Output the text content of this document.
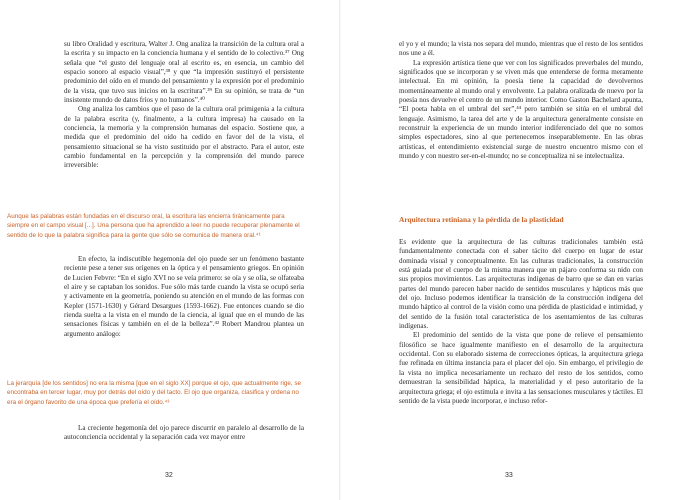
su libro Oralidad y escritura, Walter J. Ong analiza la transición de la cultura oral a la escrita y su impacto en la conciencia humana y el sentido de lo colectivo.³⁷ Ong señala que “el gusto del lenguaje oral al escrito es, en esencia, un cambio del espacio sonoro al espacio visual”,³⁸ y que “la impresión sustituyó el persistente predominio del oído en el mundo del pensamiento y la expresión por el predominio de la vista, que tuvo sus inicios en la escritura”.³⁹ En su opinión, se trata de “un insistente mundo de datos fríos y no humanos”.⁴⁰

Ong analiza los cambios que el paso de la cultura oral primigenia a la cultura de la palabra escrita (y, finalmente, a la cultura impresa) ha causado en la conciencia, la memoria y la comprensión humanas del espacio. Sostiene que, a medida que el predominio del oído ha cedido en favor del de la vista, el pensamiento situacional se ha visto sustituido por el abstracto. Para el autor, este cambio fundamental en la percepción y la comprensión del mundo parece irreversible:

Aunque las palabras están fundadas en el discurso oral, la escritura las encierra tiránicamente para siempre en el campo visual [...]. Una persona que ha aprendido a leer no puede recuperar plenamente el sentido de lo que la palabra significa para la gente que sólo se comunica de manera oral.⁴¹

En efecto, la indiscutible hegemonía del ojo puede ser un fenómeno bastante reciente pese a tener sus orígenes en la óptica y el pensamiento griegos. En opinión de Lucien Febvre: “En el siglo XVI no se veía primero: se oía y se olía, se olfateaba el aire y se captaban los sonidos. Fue sólo más tarde cuando la vista se ocupó seria y activamente en la geometría, poniendo su atención en el mundo de las formas con Kepler (1571-1630) y Gérard Desargues (1593-1662). Fue entonces cuando se dio rienda suelta a la vista en el mundo de la ciencia, al igual que en el mundo de las sensaciones físicas y también en el de la belleza”.⁴² Robert Mandrou plantea un argumento análogo:

La jerarquía [de los sentidos] no era la misma [que en el siglo XX] porque el ojo, que actualmente rige, se encontraba en tercer lugar, muy por detrás del oído y del tacto. El ojo que organiza, clasifica y ordena no era el órgano favorito de una época que prefería el oído.⁴³

La creciente hegemonía del ojo parece discurrir en paralelo al desarrollo de la autoconciencia occidental y la separación cada vez mayor entre

32

el yo y el mundo; la vista nos separa del mundo, mientras que el resto de los sentidos nos une a él.

La expresión artística tiene que ver con los significados preverbales del mundo, significados que se incorporan y se viven más que entenderse de forma meramente intelectual. En mi opinión, la poesía tiene la capacidad de devolvernos momentáneamente al mundo oral y envolvente. La palabra oralizada de nuevo por la poesía nos devuelve el centro de un mundo interior. Como Gaston Bachelard apunta, “El poeta habla en el umbral del ser”,⁴⁴ pero también se sitúa en el umbral del lenguaje. Asimismo, la tarea del arte y de la arquitectura generalmente consiste en reconstruir la experiencia de un mundo interior indiferenciado del que no somos simples espectadores, sino al que pertenecemos inseparablemente. En las obras artísticas, el entendimiento existencial surge de nuestro encuentro mismo con el mundo y con nuestro ser-en-el-mundo; no se conceptualiza ni se intelectualiza.

Arquitectura retiniana y la pérdida de la plasticidad

Es evidente que la arquitectura de las culturas tradicionales también está fundamentalmente conectada con el saber tácito del cuerpo en lugar de estar dominada visual y conceptualmente. En las culturas tradicionales, la construcción está guiada por el cuerpo de la misma manera que un pájaro conforma su nido con sus propios movimientos. Las arquitecturas indígenas de barro que se dan en varias partes del mundo parecen haber nacido de sentidos musculares y hápticos más que del ojo. Incluso podemos identificar la transición de la construcción indígena del mundo háptico al control de la visión como una pérdida de plasticidad e intimidad, y del sentido de la fusión total característica de los asentamientos de las culturas indígenas.

El predominio del sentido de la vista que pone de relieve el pensamiento filosófico se hace igualmente manifiesto en el desarrollo de la arquitectura occidental. Con su elaborado sistema de correcciones ópticas, la arquitectura griega fue refinada en última instancia para el placer del ojo. Sin embargo, el privilegio de la vista no implica necesariamente un rechazo del resto de los sentidos, como demuestran la sensibilidad háptica, la materialidad y el peso autoritario de la arquitectura griega; el ojo estimula e invita a las sensaciones musculares y táctiles. El sentido de la vista puede incorporar, e incluso refor-

33
